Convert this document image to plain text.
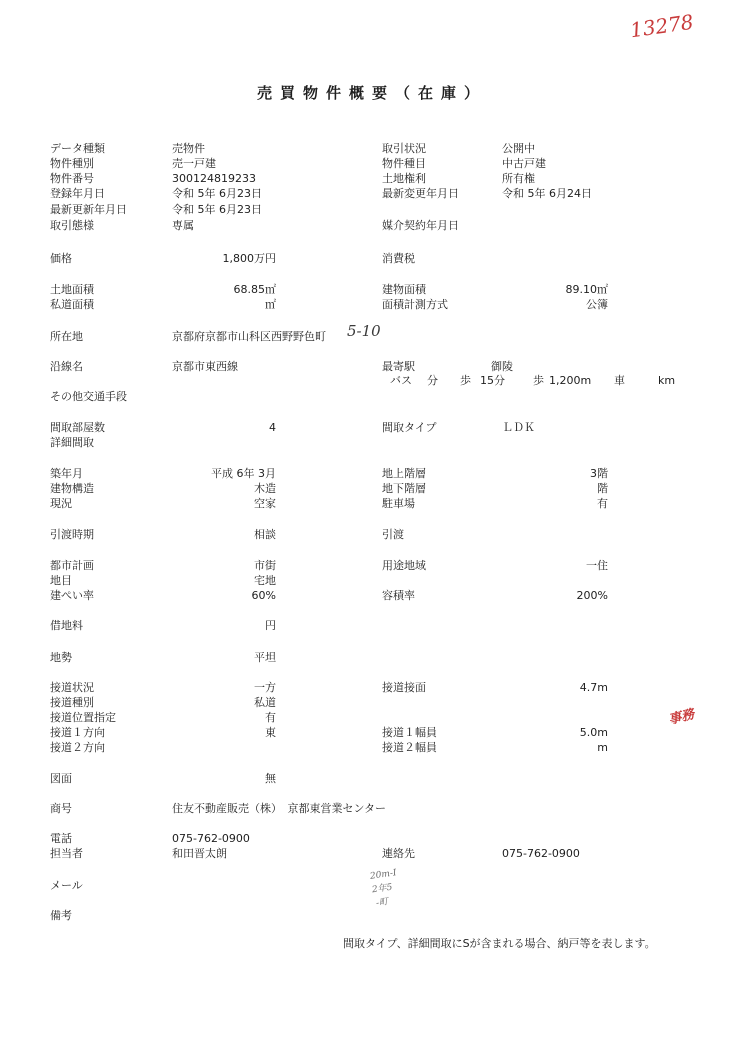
13278
事務
売買物件概要（在庫）
データ種類	売物件	取引状況	公開中
物件種別	売一戸建	物件種目	中古戸建
物件番号	300124819233	土地権利	所有権
登録年月日	令和 5年 6月23日	最新変更年月日	令和 5年 6月24日
最新更新年月日	令和 5年 6月23日
取引態様	専属	媒介契約年月日
価格	1,800万円	消費税
土地面積	68.85㎡	建物面積	89.10㎡
私道面積	㎡	面積計測方式	公簿
所在地	京都府京都市山科区西野野色町 5-10
沿線名	京都市東西線	最寄駅	御陵
バス 分 歩 15分	歩 1,200m 車	km
その他交通手段
間取部屋数	4	間取タイプ	ＬＤＫ
詳細間取
築年月	平成 6年 3月	地上階層	3階
建物構造	木造	地下階層	階
現況	空家	駐車場	有
引渡時期	相談	引渡
都市計画	市街	用途地域	一住
地目	宅地
建ぺい率	60%	容積率	200%
借地料	円
地勢	平坦
接道状況	一方	接道接面	4.7m
接道種別	私道
接道位置指定	有
接道１方向	東	接道１幅員	5.0m
接道２方向	接道２幅員	m
図面	無
商号	住友不動産販売（株）　京都東営業センター
電話	075-762-0900
担当者	和田晋太朗	連絡先	075-762-0900
メール
20m-I
2年5
-町
備考
間取タイプ、詳細間取にSが含まれる場合、納戸等を表します。
